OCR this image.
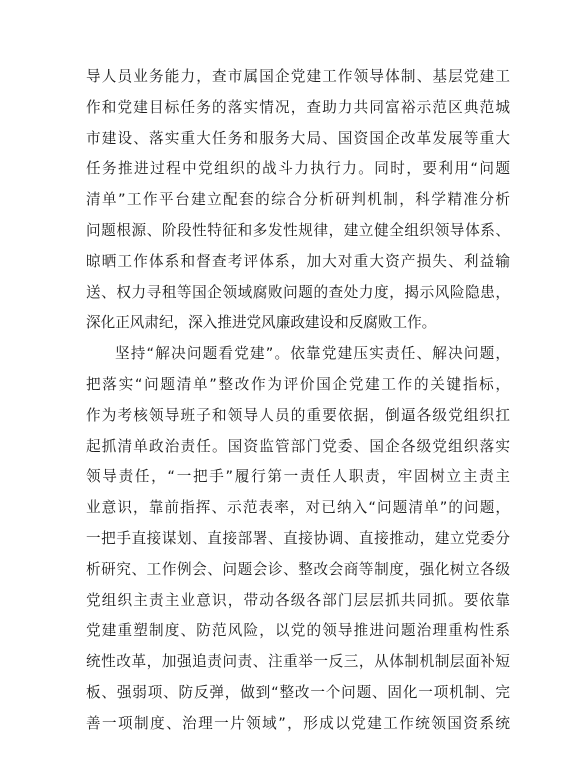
导人员业务能力，查市属国企党建工作领导体制、基层党建工
作和党建目标任务的落实情况，查助力共同富裕示范区典范城
市建设、落实重大任务和服务大局、国资国企改革发展等重大
任务推进过程中党组织的战斗力执行力。同时，要利用“问题
清单”工作平台建立配套的综合分析研判机制，科学精准分析
问题根源、阶段性特征和多发性规律，建立健全组织领导体系、
晾晒工作体系和督查考评体系，加大对重大资产损失、利益输
送、权力寻租等国企领域腐败问题的查处力度，揭示风险隐患，
深化正风肃纪，深入推进党风廉政建设和反腐败工作。
坚持“解决问题看党建”。依靠党建压实责任、解决问题，
把落实“问题清单”整改作为评价国企党建工作的关键指标，
作为考核领导班子和领导人员的重要依据，倒逼各级党组织扛
起抓清单政治责任。国资监管部门党委、国企各级党组织落实
领导责任，“一把手”履行第一责任人职责，牢固树立主责主
业意识，靠前指挥、示范表率，对已纳入“问题清单”的问题，
一把手直接谋划、直接部署、直接协调、直接推动，建立党委分
析研究、工作例会、问题会诊、整改会商等制度，强化树立各级
党组织主责主业意识，带动各级各部门层层抓共同抓。要依靠
党建重塑制度、防范风险，以党的领导推进问题治理重构性系
统性改革，加强追责问责、注重举一反三，从体制机制层面补短
板、强弱项、防反弹，做到“整改一个问题、固化一项机制、完
善一项制度、治理一片领域”，形成以党建工作统领国资系统
